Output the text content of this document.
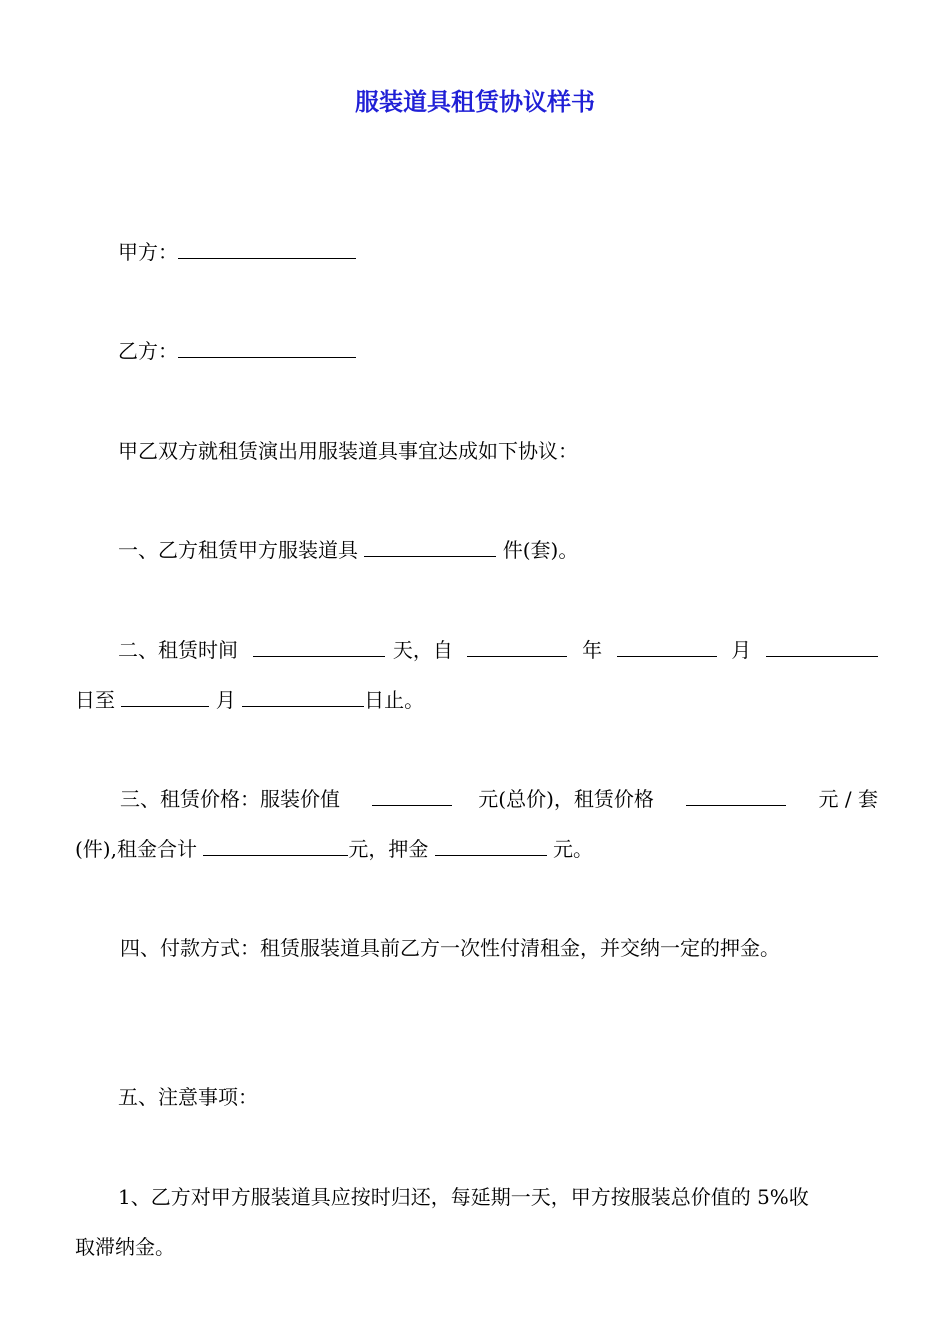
服装道具租赁协议样书
甲方：
乙方：
甲乙双方就租赁演出用服装道具事宜达成如下协议：
一、乙方租赁甲方服装道具	件(套)。
二、租赁时间	天，自	年	月
日至	月	日止。
三、租赁价格：服装价值	元(总价)，租赁价格	元 / 套
(件),租金合计	元，押金	元。
四、付款方式：租赁服装道具前乙方一次性付清租金，并交纳一定的押金。
五、注意事项：
1、乙方对甲方服装道具应按时归还，每延期一天，甲方按服装总价值的 5%收
取滞纳金。
